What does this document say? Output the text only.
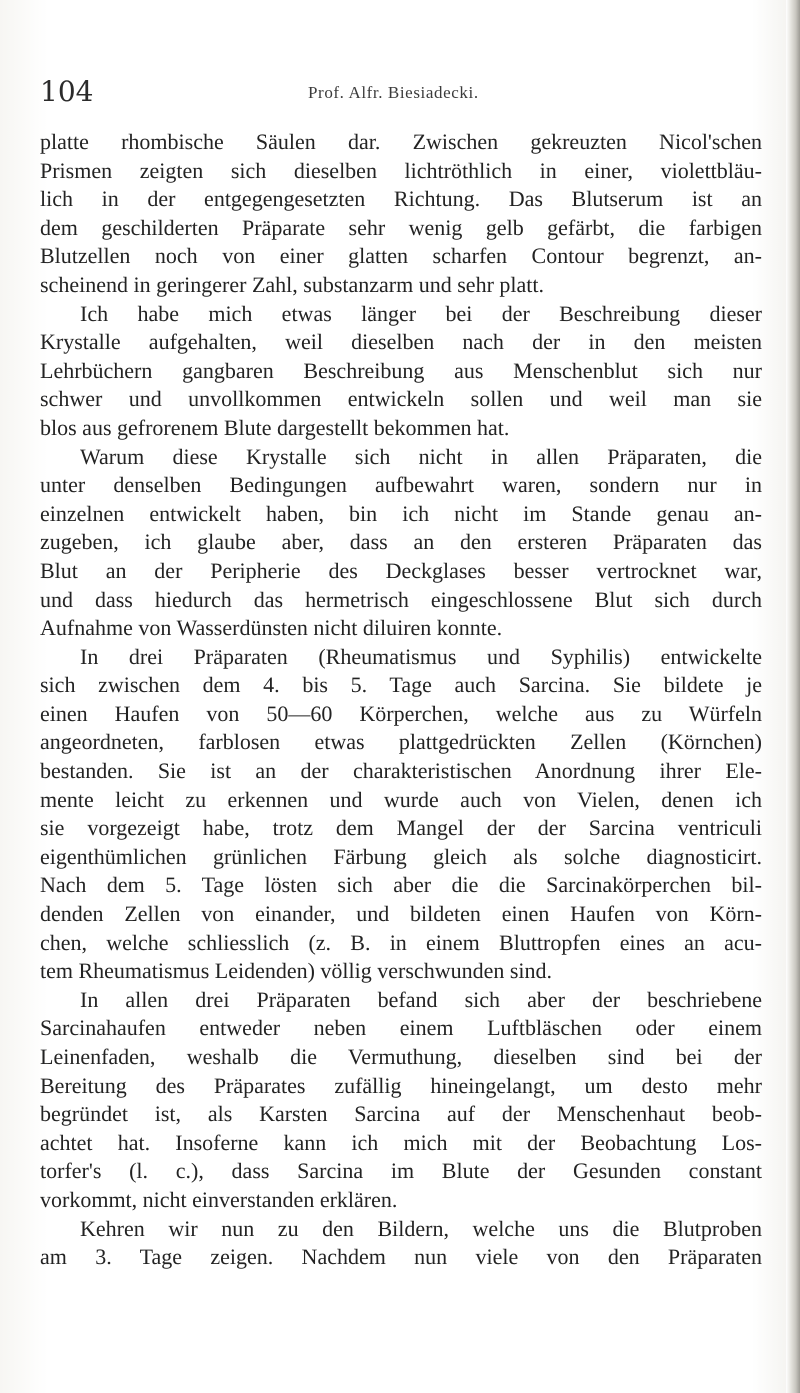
104	Prof. Alfr. Biesiadecki.
platte rhombische Säulen dar. Zwischen gekreuzten Nicol'schen
Prismen zeigten sich dieselben lichtröthlich in einer, violettbläu-
lich in der entgegengesetzten Richtung. Das Blutserum ist an
dem geschilderten Präparate sehr wenig gelb gefärbt, die farbigen
Blutzellen noch von einer glatten scharfen Contour begrenzt, an-
scheinend in geringerer Zahl, substanzarm und sehr platt.
Ich habe mich etwas länger bei der Beschreibung dieser
Krystalle aufgehalten, weil dieselben nach der in den meisten
Lehrbüchern gangbaren Beschreibung aus Menschenblut sich nur
schwer und unvollkommen entwickeln sollen und weil man sie
blos aus gefrorenem Blute dargestellt bekommen hat.
Warum diese Krystalle sich nicht in allen Präparaten, die
unter denselben Bedingungen aufbewahrt waren, sondern nur in
einzelnen entwickelt haben, bin ich nicht im Stande genau an-
zugeben, ich glaube aber, dass an den ersteren Präparaten das
Blut an der Peripherie des Deckglases besser vertrocknet war,
und dass hiedurch das hermetrisch eingeschlossene Blut sich durch
Aufnahme von Wasserdünsten nicht diluiren konnte.
In drei Präparaten (Rheumatismus und Syphilis) entwickelte
sich zwischen dem 4. bis 5. Tage auch Sarcina. Sie bildete je
einen Haufen von 50—60 Körperchen, welche aus zu Würfeln
angeordneten, farblosen etwas plattgedrückten Zellen (Körnchen)
bestanden. Sie ist an der charakteristischen Anordnung ihrer Ele-
mente leicht zu erkennen und wurde auch von Vielen, denen ich
sie vorgezeigt habe, trotz dem Mangel der der Sarcina ventriculi
eigenthümlichen grünlichen Färbung gleich als solche diagnosticirt.
Nach dem 5. Tage lösten sich aber die die Sarcinakörperchen bil-
denden Zellen von einander, und bildeten einen Haufen von Körn-
chen, welche schliesslich (z. B. in einem Bluttropfen eines an acu-
tem Rheumatismus Leidenden) völlig verschwunden sind.
In allen drei Präparaten befand sich aber der beschriebene
Sarcinahaufen entweder neben einem Luftbläschen oder einem
Leinenfaden, weshalb die Vermuthung, dieselben sind bei der
Bereitung des Präparates zufällig hineingelangt, um desto mehr
begründet ist, als Karsten Sarcina auf der Menschenhaut beob-
achtet hat. Insoferne kann ich mich mit der Beobachtung Los-
torfer's (l. c.), dass Sarcina im Blute der Gesunden constant
vorkommt, nicht einverstanden erklären.
Kehren wir nun zu den Bildern, welche uns die Blutproben
am 3. Tage zeigen. Nachdem nun viele von den Präparaten
